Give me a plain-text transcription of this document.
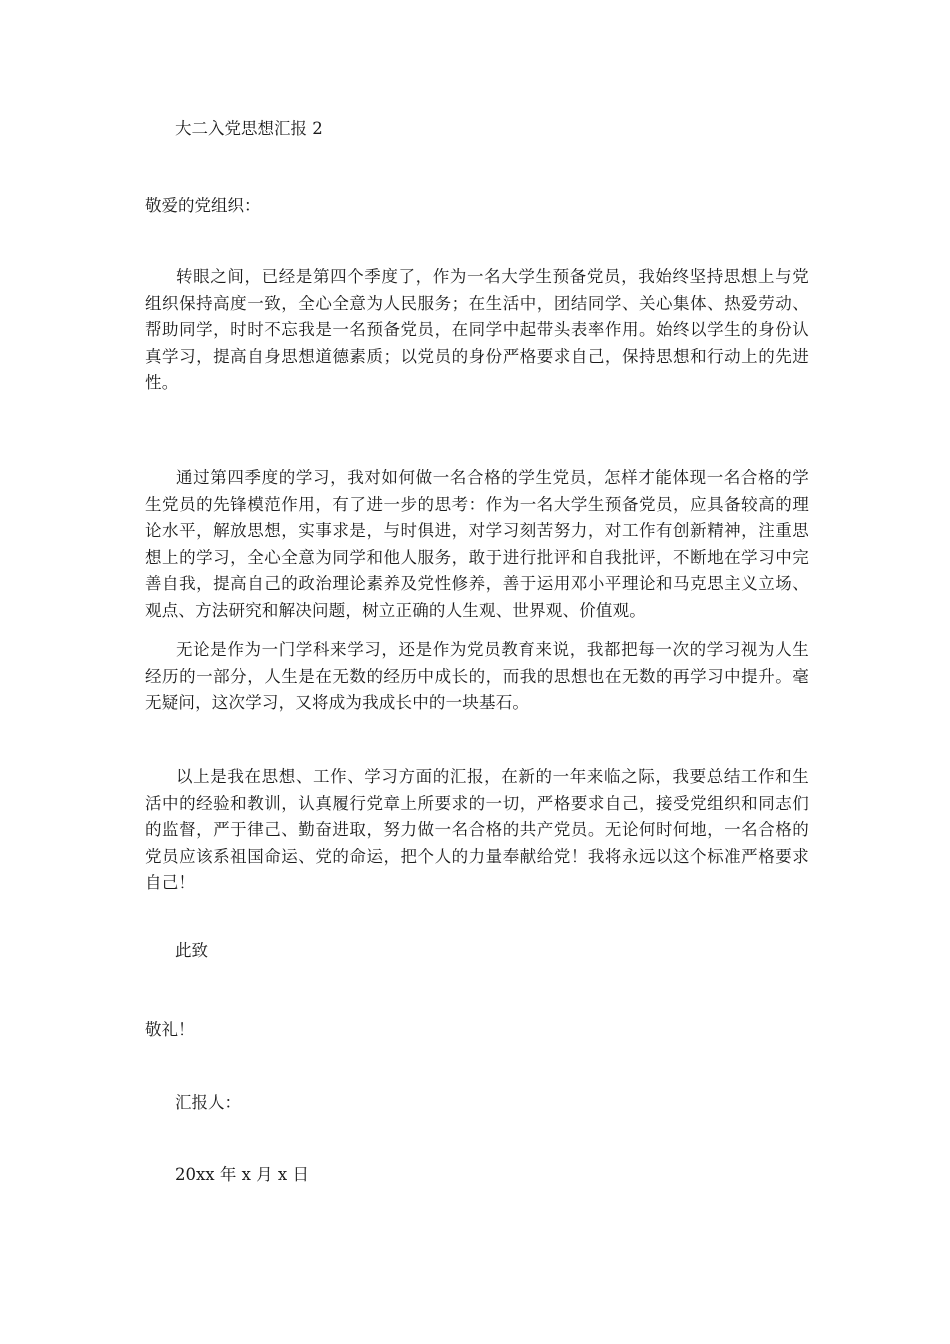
大二入党思想汇报 2
敬爱的党组织：
转眼之间，已经是第四个季度了，作为一名大学生预备党员，我始终坚持思想上与党组织保持高度一致，全心全意为人民服务；在生活中，团结同学、关心集体、热爱劳动、帮助同学，时时不忘我是一名预备党员，在同学中起带头表率作用。始终以学生的身份认真学习，提高自身思想道德素质；以党员的身份严格要求自己，保持思想和行动上的先进性。
通过第四季度的学习，我对如何做一名合格的学生党员，怎样才能体现一名合格的学生党员的先锋模范作用，有了进一步的思考：作为一名大学生预备党员，应具备较高的理论水平，解放思想，实事求是，与时俱进，对学习刻苦努力，对工作有创新精神，注重思想上的学习，全心全意为同学和他人服务，敢于进行批评和自我批评，不断地在学习中完善自我，提高自己的政治理论素养及党性修养，善于运用邓小平理论和马克思主义立场、观点、方法研究和解决问题，树立正确的人生观、世界观、价值观。
无论是作为一门学科来学习，还是作为党员教育来说，我都把每一次的学习视为人生经历的一部分，人生是在无数的经历中成长的，而我的思想也在无数的再学习中提升。毫无疑问，这次学习，又将成为我成长中的一块基石。
以上是我在思想、工作、学习方面的汇报，在新的一年来临之际，我要总结工作和生活中的经验和教训，认真履行党章上所要求的一切，严格要求自己，接受党组织和同志们的监督，严于律己、勤奋进取，努力做一名合格的共产党员。无论何时何地，一名合格的党员应该系祖国命运、党的命运，把个人的力量奉献给党！我将永远以这个标准严格要求自己！
此致
敬礼！
汇报人：
20xx 年 x 月 x 日
